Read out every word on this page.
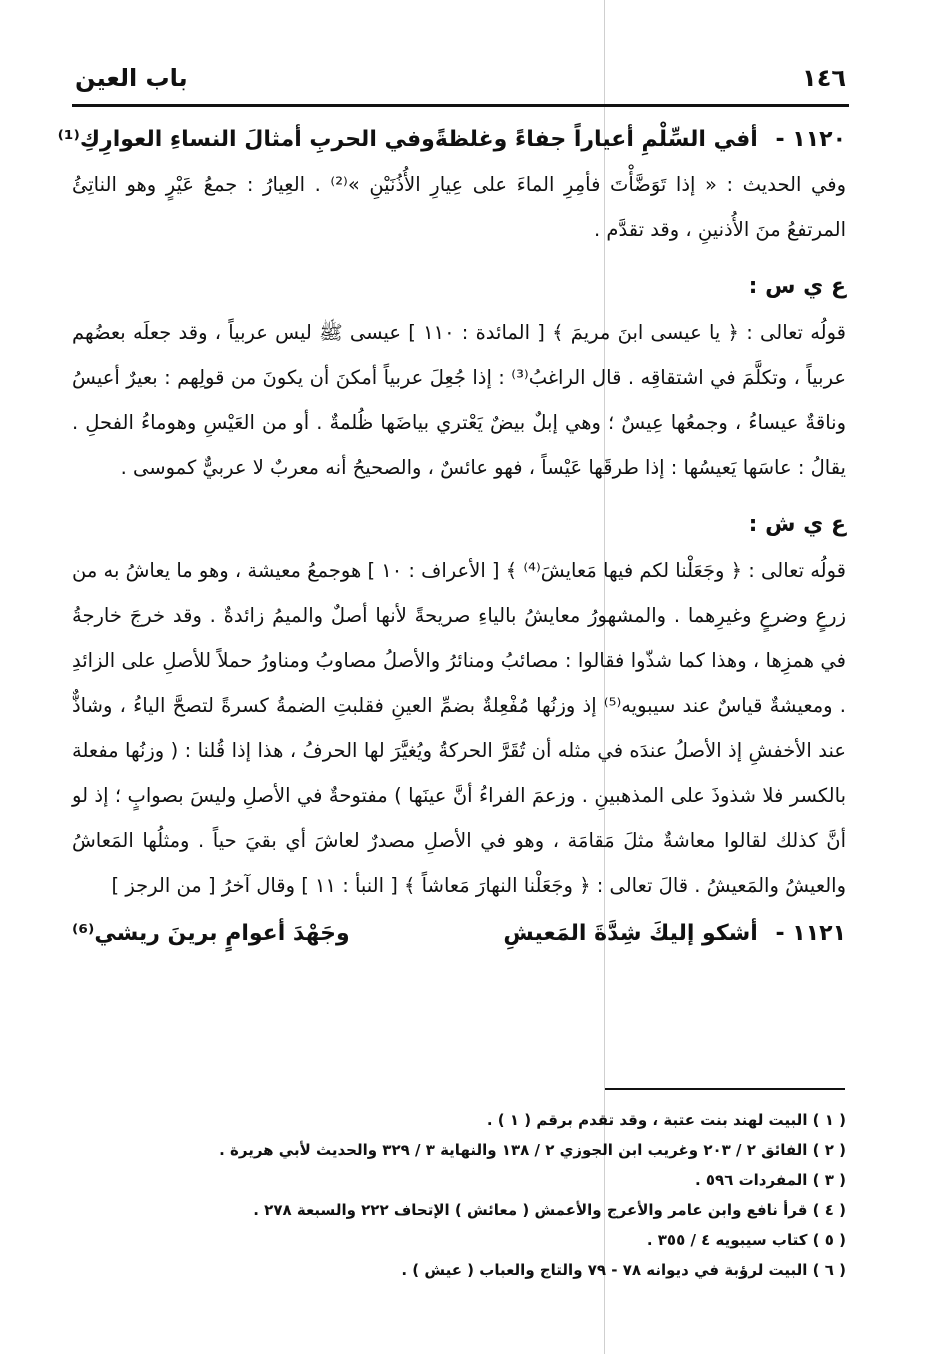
١٤٦
باب العين
١١٢٠ - أفي السِّلْمِ أعياراً جفاءً وغلظةً
وفي الحربِ أمثالَ النساءِ العوارِكِ⁽¹⁾

وفي الحديث : « إذا تَوَضَّأْتَ فأمِرِ الماءَ على عِيارِ الأُذُنَيْنِ »⁽²⁾ . العِيارُ : جمعُ عَيْرٍ وهو الناتِئُ المرتفعُ منَ الأُذنينِ ، وقد تقدَّم .

ع ي س :

قولُه تعالى : ﴿ يا عيسى ابنَ مريمَ ﴾ [ المائدة : ١١٠ ] عيسى ﷺ ليس عربياً ، وقد جعلَه بعضُهم عربياً ، وتكلَّمَ في اشتقاقِه . قال الراغبُ⁽³⁾ : إذا جُعِلَ عربياً أمكنَ أن يكونَ من قولِهم : بعيرٌ أعيسُ وناقةٌ عيساءُ ، وجمعُها عِيسٌ ؛ وهي إبلٌ بيضٌ يَعْتري بياضَها ظُلمةٌ . أو من العَيْسِ وهوماءُ الفحلِ . يقالُ : عاسَها يَعيسُها : إذا طرقَها عَيْساً ، فهو عائسٌ ، والصحيحُ أنه معربٌ لا عربيٌّ كموسى .

ع ي ش :

قولُه تعالى : ﴿ وجَعَلْنا لكم فيها مَعايشَ⁽⁴⁾ ﴾ [ الأعراف : ١٠ ] هوجمعُ معيشة ، وهو ما يعاشُ به من زرعٍ وضرعٍ وغيرِهما . والمشهورُ معايشُ بالياءِ صريحةً لأنها أصلٌ والميمُ زائدةٌ . وقد خرجَ خارجةُ في همزِها ، وهذا كما شذّوا فقالوا : مصائبُ ومنائرُ والأصلُ مصاوبُ ومناورُ حملاً للأصلِ على الزائدِ . ومعيشةٌ قياسٌ عند سيبويه⁽⁵⁾ إذ وزنُها مُفْعِلةٌ بضمِّ العينِ فقلبتِ الضمةُ كسرةً لتصحَّ الياءُ ، وشاذٌّ عند الأخفشِ إذ الأصلُ عندَه في مثله أن تُقَرَّ الحركةُ ويُغيَّرَ لها الحرفُ ، هذا إذا قُلنا : ( وزنُها مفعلة بالكسر فلا شذوذَ على المذهبينِ . وزعمَ الفراءُ أنَّ عينَها ) مفتوحةٌ في الأصلِ وليسَ بصوابٍ ؛ إذ لو أنَّ كذلك لقالوا معاشةٌ مثلَ مَقامَة ، وهو في الأصلِ مصدرٌ لعاشَ أي بقيَ حياً . ومثلُها المَعاشُ والعيشُ والمَعيشُ . قالَ تعالى : ﴿ وجَعَلْنا النهارَ مَعاشاً ﴾ [ النبأ : ١١ ] وقال آخرُ [ من الرجز ]

١١٢١ - أشكو إليكَ شِدَّةَ المَعيشِ
وجَهْدَ أعوامٍ برينَ ريشي⁽⁶⁾
( ١ ) البيت لهند بنت عتبة ، وقد تقدم برقم ( ١ ) .
( ٢ ) الفائق ٢ / ٢٠٣ وغريب ابن الجوزي ٢ / ١٣٨ والنهاية ٣ / ٣٢٩ والحديث لأبي هريرة .
( ٣ ) المفردات ٥٩٦ .
( ٤ ) قرأ نافع وابن عامر والأعرج والأعمش ( معائش ) الإتحاف ٢٢٢ والسبعة ٢٧٨ .
( ٥ ) كتاب سيبويه ٤ / ٣٥٥ .
( ٦ ) البيت لرؤبة في ديوانه ٧٨ - ٧٩ والتاج والعباب ( عيش ) .
